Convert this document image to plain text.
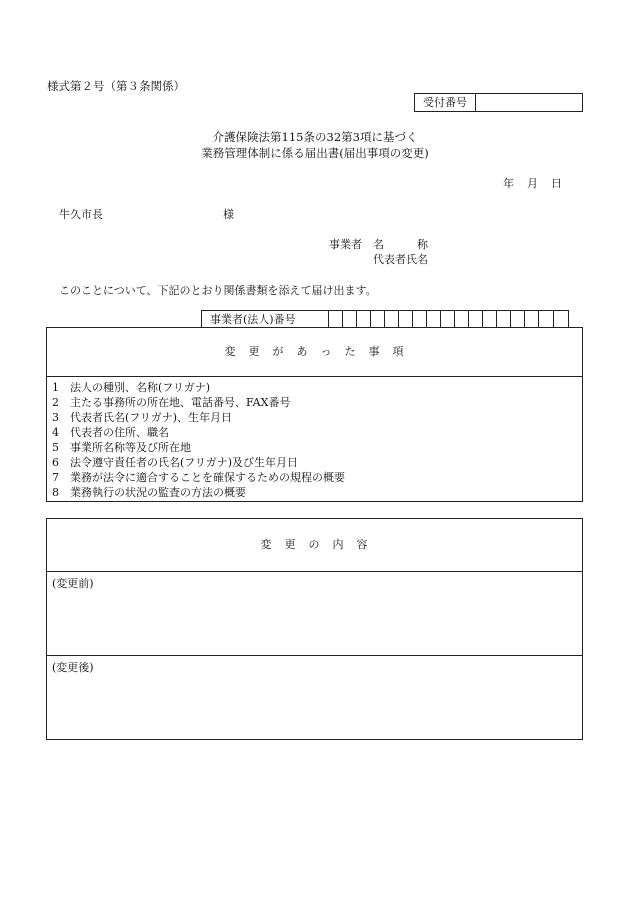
様式第２号（第３条関係）
受付番号
介護保険法第115条の32第3項に基づく
業務管理体制に係る届出書(届出事項の変更)
年 月 日
牛久市長	様
事業者 名　　　称
代表者氏名
このことについて、下記のとおり関係書類を添えて届け出ます。
事業者(法人)番号																	
変　更　が　あ　っ　た　事　項
1 法人の種別、名称(フリガナ)
2 主たる事務所の所在地、電話番号、FAX番号
3 代表者氏名(フリガナ)、生年月日
4 代表者の住所、職名
5 事業所名称等及び所在地
6 法令遵守責任者の氏名(フリガナ)及び生年月日
7 業務が法令に適合することを確保するための規程の概要
8 業務執行の状況の監査の方法の概要
変　更　の　内　容
(変更前)
(変更後)
